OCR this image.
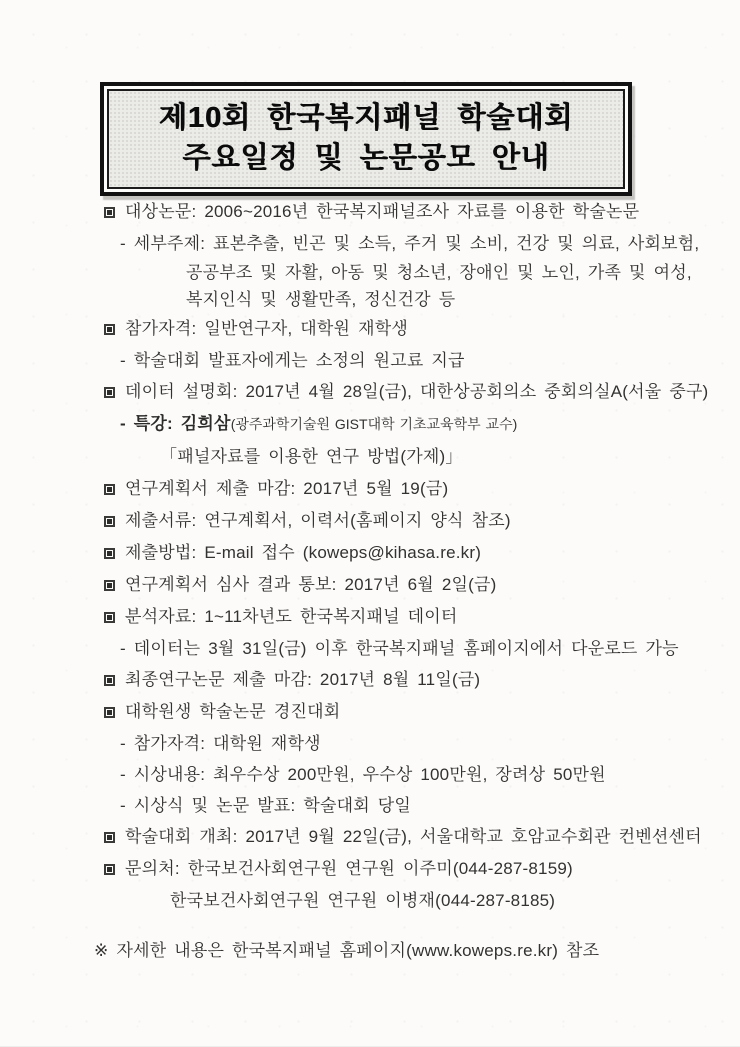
제10회 한국복지패널 학술대회
주요일정 및 논문공모 안내
대상논문: 2006~2016년 한국복지패널조사 자료를 이용한 학술논문
- 세부주제: 표본추출, 빈곤 및 소득, 주거 및 소비, 건강 및 의료, 사회보험,
공공부조 및 자활, 아동 및 청소년, 장애인 및 노인, 가족 및 여성,
복지인식 및 생활만족, 정신건강 등
참가자격: 일반연구자, 대학원 재학생
- 학술대회 발표자에게는 소정의 원고료 지급
데이터 설명회: 2017년 4월 28일(금), 대한상공회의소 중회의실A(서울 중구)
- 특강: 김희삼(광주과학기술원 GIST대학 기초교육학부 교수)
「패널자료를 이용한 연구 방법(가제)」
연구계획서 제출 마감: 2017년 5월 19(금)
제출서류: 연구계획서, 이력서(홈페이지 양식 참조)
제출방법: E-mail 접수 (koweps@kihasa.re.kr)
연구계획서 심사 결과 통보: 2017년 6월 2일(금)
분석자료: 1~11차년도 한국복지패널 데이터
- 데이터는 3월 31일(금) 이후 한국복지패널 홈페이지에서 다운로드 가능
최종연구논문 제출 마감: 2017년 8월 11일(금)
대학원생 학술논문 경진대회
- 참가자격: 대학원 재학생
- 시상내용: 최우수상 200만원, 우수상 100만원, 장려상 50만원
- 시상식 및 논문 발표: 학술대회 당일
학술대회 개최: 2017년 9월 22일(금), 서울대학교 호암교수회관 컨벤션센터
문의처: 한국보건사회연구원 연구원 이주미(044-287-8159)
한국보건사회연구원 연구원 이병재(044-287-8185)
※ 자세한 내용은 한국복지패널 홈페이지(www.koweps.re.kr) 참조
